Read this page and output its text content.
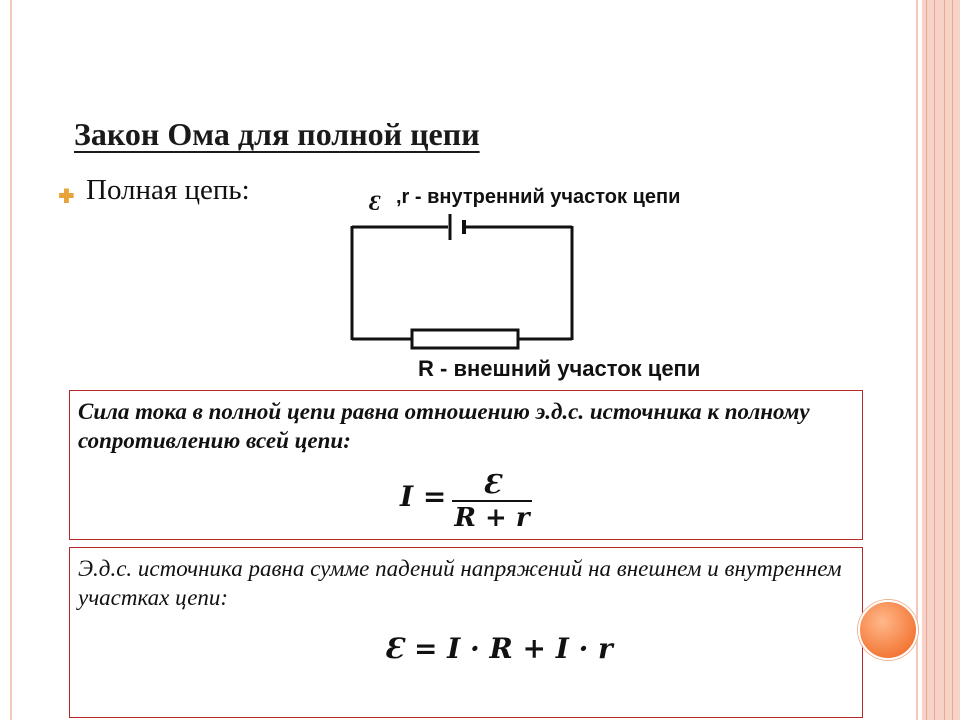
Закон Ома для полной цепи
🞧 Полная цепь:	Ɛ ,r - внутренний участок цепи
R - внешний участок цепи
Сила тока в полной цепи равна отношению э.д.с. источника к полному сопротивлению всей цепи:
$I = \frac{Ɛ}{R + r}$
Э.д.с. источника равна сумме падений напряжений на внешнем и внутреннем участках цепи:
Ɛ = I · R + I · r
